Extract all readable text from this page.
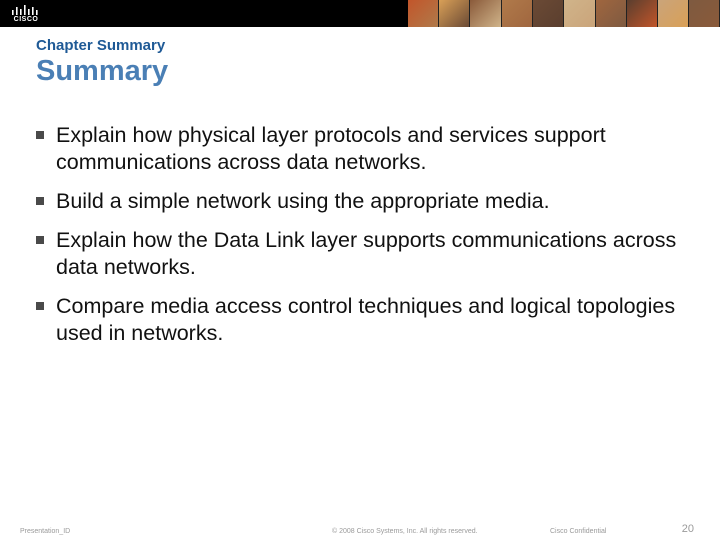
CISCO
Chapter Summary
Summary
Explain how physical layer protocols and services support communications across data networks.
Build a simple network using the appropriate media.
Explain how the Data Link layer supports communications across data networks.
Compare media access control techniques and logical topologies used in networks.
Presentation_ID	© 2008 Cisco Systems, Inc. All rights reserved.	Cisco Confidential	20
